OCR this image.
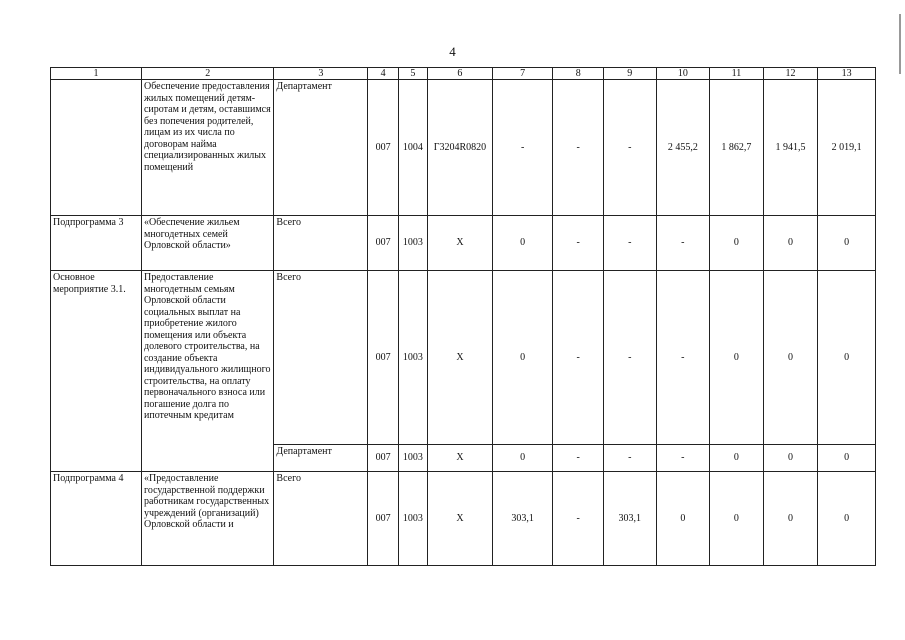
4
1	2	3	4	5	6	7	8	9	10	11	12	13
	Обеспечение предоставления жилых помещений детям-сиротам и детям, оставшимся без попечения родителей, лицам из их числа по договорам найма специализированных жилых помещений	Департамент	007	1004	Г3204R0820	-	-	-	2 455,2	1 862,7	1 941,5	2 019,1
Подпрограмма 3	«Обеспечение жильем многодетных семей Орловской области»	Всего	007	1003	Х	0	-	-	-	0	0	0
Основное мероприятие 3.1.	Предоставление многодетным семьям Орловской области социальных выплат на приобретение жилого помещения или объекта долевого строительства, на создание объекта индивидуального жилищного строительства, на оплату первоначального взноса или погашение долга по ипотечным кредитам	Всего	007	1003	Х	0	-	-	-	0	0	0
		Департамент	007	1003	Х	0	-	-	-	0	0	0
Подпрограмма 4	«Предоставление государственной поддержки работникам государственных учреждений (организаций) Орловской области и	Всего	007	1003	Х	303,1	-	303,1	0	0	0	0
